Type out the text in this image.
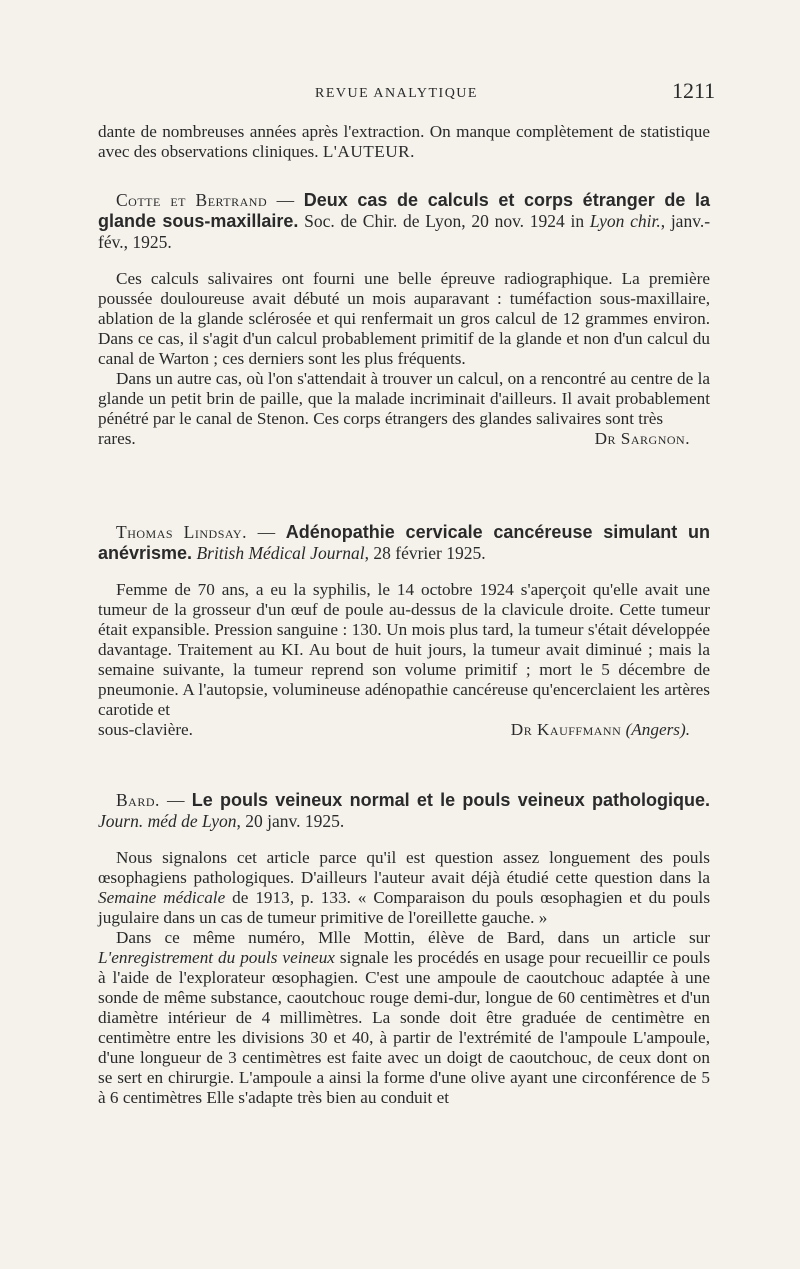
REVUE ANALYTIQUE	1211

dante de nombreuses années après l'extraction. On manque complètement de statistique avec des observations cliniques. L'AUTEUR.

Cotte et Bertrand — Deux cas de calculs et corps étranger de la glande sous-maxillaire. Soc. de Chir. de Lyon, 20 nov. 1924 in Lyon chir., janv.-fév., 1925.

Ces calculs salivaires ont fourni une belle épreuve radiographique. La première poussée douloureuse avait débuté un mois auparavant : tuméfaction sous-maxillaire, ablation de la glande sclérosée et qui renfermait un gros calcul de 12 grammes environ. Dans ce cas, il s'agit d'un calcul probablement primitif de la glande et non d'un calcul du canal de Warton ; ces derniers sont les plus fréquents.

Dans un autre cas, où l'on s'attendait à trouver un calcul, on a rencontré au centre de la glande un petit brin de paille, que la malade incriminait d'ailleurs. Il avait probablement pénétré par le canal de Stenon. Ces corps étrangers des glandes salivaires sont très

rares.	Dr Sargnon.

Thomas Lindsay. — Adénopathie cervicale cancéreuse simulant un anévrisme. British Médical Journal, 28 février 1925.

Femme de 70 ans, a eu la syphilis, le 14 octobre 1924 s'aperçoit qu'elle avait une tumeur de la grosseur d'un œuf de poule au-dessus de la clavicule droite. Cette tumeur était expansible. Pression sanguine : 130. Un mois plus tard, la tumeur s'était développée davantage. Traitement au KI. Au bout de huit jours, la tumeur avait diminué ; mais la semaine suivante, la tumeur reprend son volume primitif ; mort le 5 décembre de pneumonie. A l'autopsie, volumineuse adénopathie cancéreuse qu'encerclaient les artères carotide et

sous-clavière.	Dr Kauffmann (Angers).

Bard. — Le pouls veineux normal et le pouls veineux pathologique. Journ. méd de Lyon, 20 janv. 1925.

Nous signalons cet article parce qu'il est question assez longuement des pouls œsophagiens pathologiques. D'ailleurs l'auteur avait déjà étudié cette question dans la Semaine médicale de 1913, p. 133. « Comparaison du pouls œsophagien et du pouls jugulaire dans un cas de tumeur primitive de l'oreillette gauche. »

Dans ce même numéro, Mlle Mottin, élève de Bard, dans un article sur L'enregistrement du pouls veineux signale les procédés en usage pour recueillir ce pouls à l'aide de l'explorateur œsophagien. C'est une ampoule de caoutchouc adaptée à une sonde de même substance, caoutchouc rouge demi-dur, longue de 60 centimètres et d'un diamètre intérieur de 4 millimètres. La sonde doit être graduée de centimètre en centimètre entre les divisions 30 et 40, à partir de l'extrémité de l'ampoule L'ampoule, d'une longueur de 3 centimètres est faite avec un doigt de caoutchouc, de ceux dont on se sert en chirurgie. L'ampoule a ainsi la forme d'une olive ayant une circonférence de 5 à 6 centimètres Elle s'adapte très bien au conduit et
